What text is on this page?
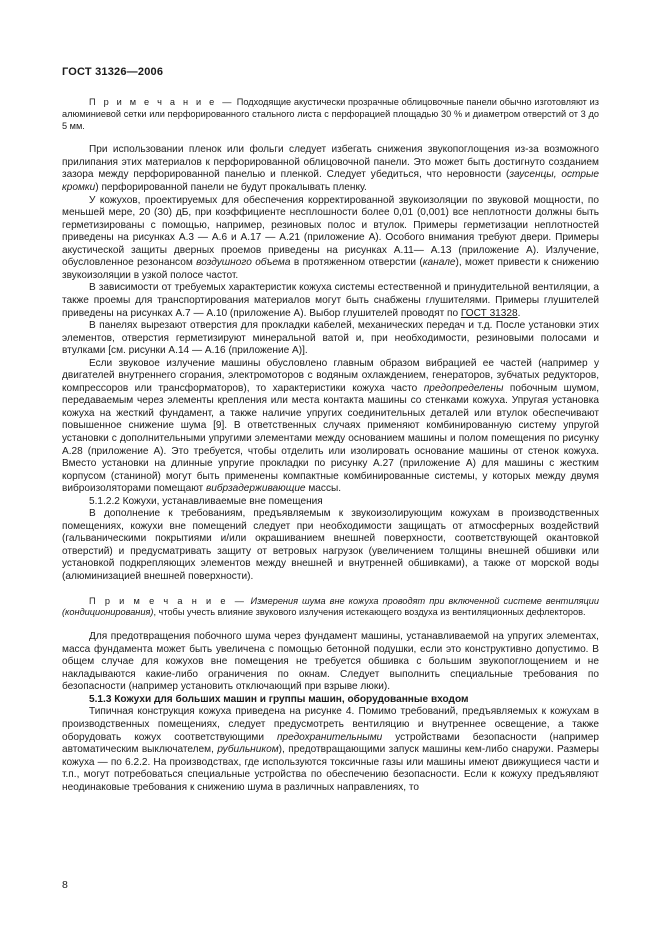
ГОСТ 31326—2006

П р и м е ч а н и е — Подходящие акустически прозрачные облицовочные панели обычно изготовляют из алюминиевой сетки или перфорированного стального листа с перфорацией площадью 30 % и диаметром отверстий от 3 до 5 мм.

При использовании пленок или фольги следует избегать снижения звукопоглощения из-за возможного прилипания этих материалов к перфорированной облицовочной панели. Это может быть достигнуто созданием зазора между перфорированной панелью и пленкой. Следует убедиться, что неровности (заусенцы, острые кромки) перфорированной панели не будут прокалывать пленку.

У кожухов, проектируемых для обеспечения корректированной звукоизоляции по звуковой мощности, по меньшей мере, 20 (30) дБ, при коэффициенте несплошности более 0,01 (0,001) все неплотности должны быть герметизированы с помощью, например, резиновых полос и втулок. Примеры герметизации неплотностей приведены на рисунках А.3 — А.6 и А.17 — А.21 (приложение А). Особого внимания требуют двери. Примеры акустической защиты дверных проемов приведены на рисунках А.11— А.13 (приложение А). Излучение, обусловленное резонансом воздушного объема в протяженном отверстии (канале), может привести к снижению звукоизоляции в узкой полосе частот.

В зависимости от требуемых характеристик кожуха системы естественной и принудительной вентиляции, а также проемы для транспортирования материалов могут быть снабжены глушителями. Примеры глушителей приведены на рисунках А.7 — А.10 (приложение А). Выбор глушителей проводят по ГОСТ 31328.

В панелях вырезают отверстия для прокладки кабелей, механических передач и т.д. После установки этих элементов, отверстия герметизируют минеральной ватой и, при необходимости, резиновыми полосами и втулками [см. рисунки А.14 — А.16 (приложение А)].

Если звуковое излучение машины обусловлено главным образом вибрацией ее частей (например у двигателей внутреннего сгорания, электромоторов с водяным охлаждением, генераторов, зубчатых редукторов, компрессоров или трансформаторов), то характеристики кожуха часто предопределены побочным шумом, передаваемым через элементы крепления или места контакта машины со стенками кожуха. Упругая установка кожуха на жесткий фундамент, а также наличие упругих соединительных деталей или втулок обеспечивают повышенное снижение шума [9]. В ответственных случаях применяют комбинированную систему упругой установки с дополнительными упругими элементами между основанием машины и полом помещения по рисунку А.28 (приложение А). Это требуется, чтобы отделить или изолировать основание машины от стенок кожуха. Вместо установки на длинные упругие прокладки по рисунку А.27 (приложение А) для машины с жестким корпусом (станиной) могут быть применены компактные комбинированные системы, у которых между двумя виброизоляторами помещают вибрзадерживающие массы.

5.1.2.2 Кожухи, устанавливаемые вне помещения

В дополнение к требованиям, предъявляемым к звукоизолирующим кожухам в производственных помещениях, кожухи вне помещений следует при необходимости защищать от атмосферных воздействий (гальваническими покрытиями и/или окрашиванием внешней поверхности, соответствующей окантовкой отверстий) и предусматривать защиту от ветровых нагрузок (увеличением толщины внешней обшивки или установкой подкрепляющих элементов между внешней и внутренней обшивками), а также от морской воды (алюминизацией внешней поверхности).

П р и м е ч а н и е — Измерения шума вне кожуха проводят при включенной системе вентиляции (кондиционирования), чтобы учесть влияние звукового излучения истекающего воздуха из вентиляционных дефлекторов.

Для предотвращения побочного шума через фундамент машины, устанавливаемой на упругих элементах, масса фундамента может быть увеличена с помощью бетонной подушки, если это конструктивно допустимо. В общем случае для кожухов вне помещения не требуется обшивка с большим звукопоглощением и не накладываются какие-либо ограничения по окнам. Следует выполнить специальные требования по безопасности (например установить отключающий при взрыве люки).

5.1.3 Кожухи для больших машин и группы машин, оборудованные входом

Типичная конструкция кожуха приведена на рисунке 4. Помимо требований, предъявляемых к кожухам в производственных помещениях, следует предусмотреть вентиляцию и внутреннее освещение, а также оборудовать кожух соответствующими предохранительными устройствами безопасности (например автоматическим выключателем, рубильником), предотвращающими запуск машины кем-либо снаружи. Размеры кожуха — по 6.2.2. На производствах, где используются токсичные газы или машины имеют движущиеся части и т.п., могут потребоваться специальные устройства по обеспечению безопасности. Если к кожуху предъявляют неодинаковые требования к снижению шума в различных направлениях, то

8
